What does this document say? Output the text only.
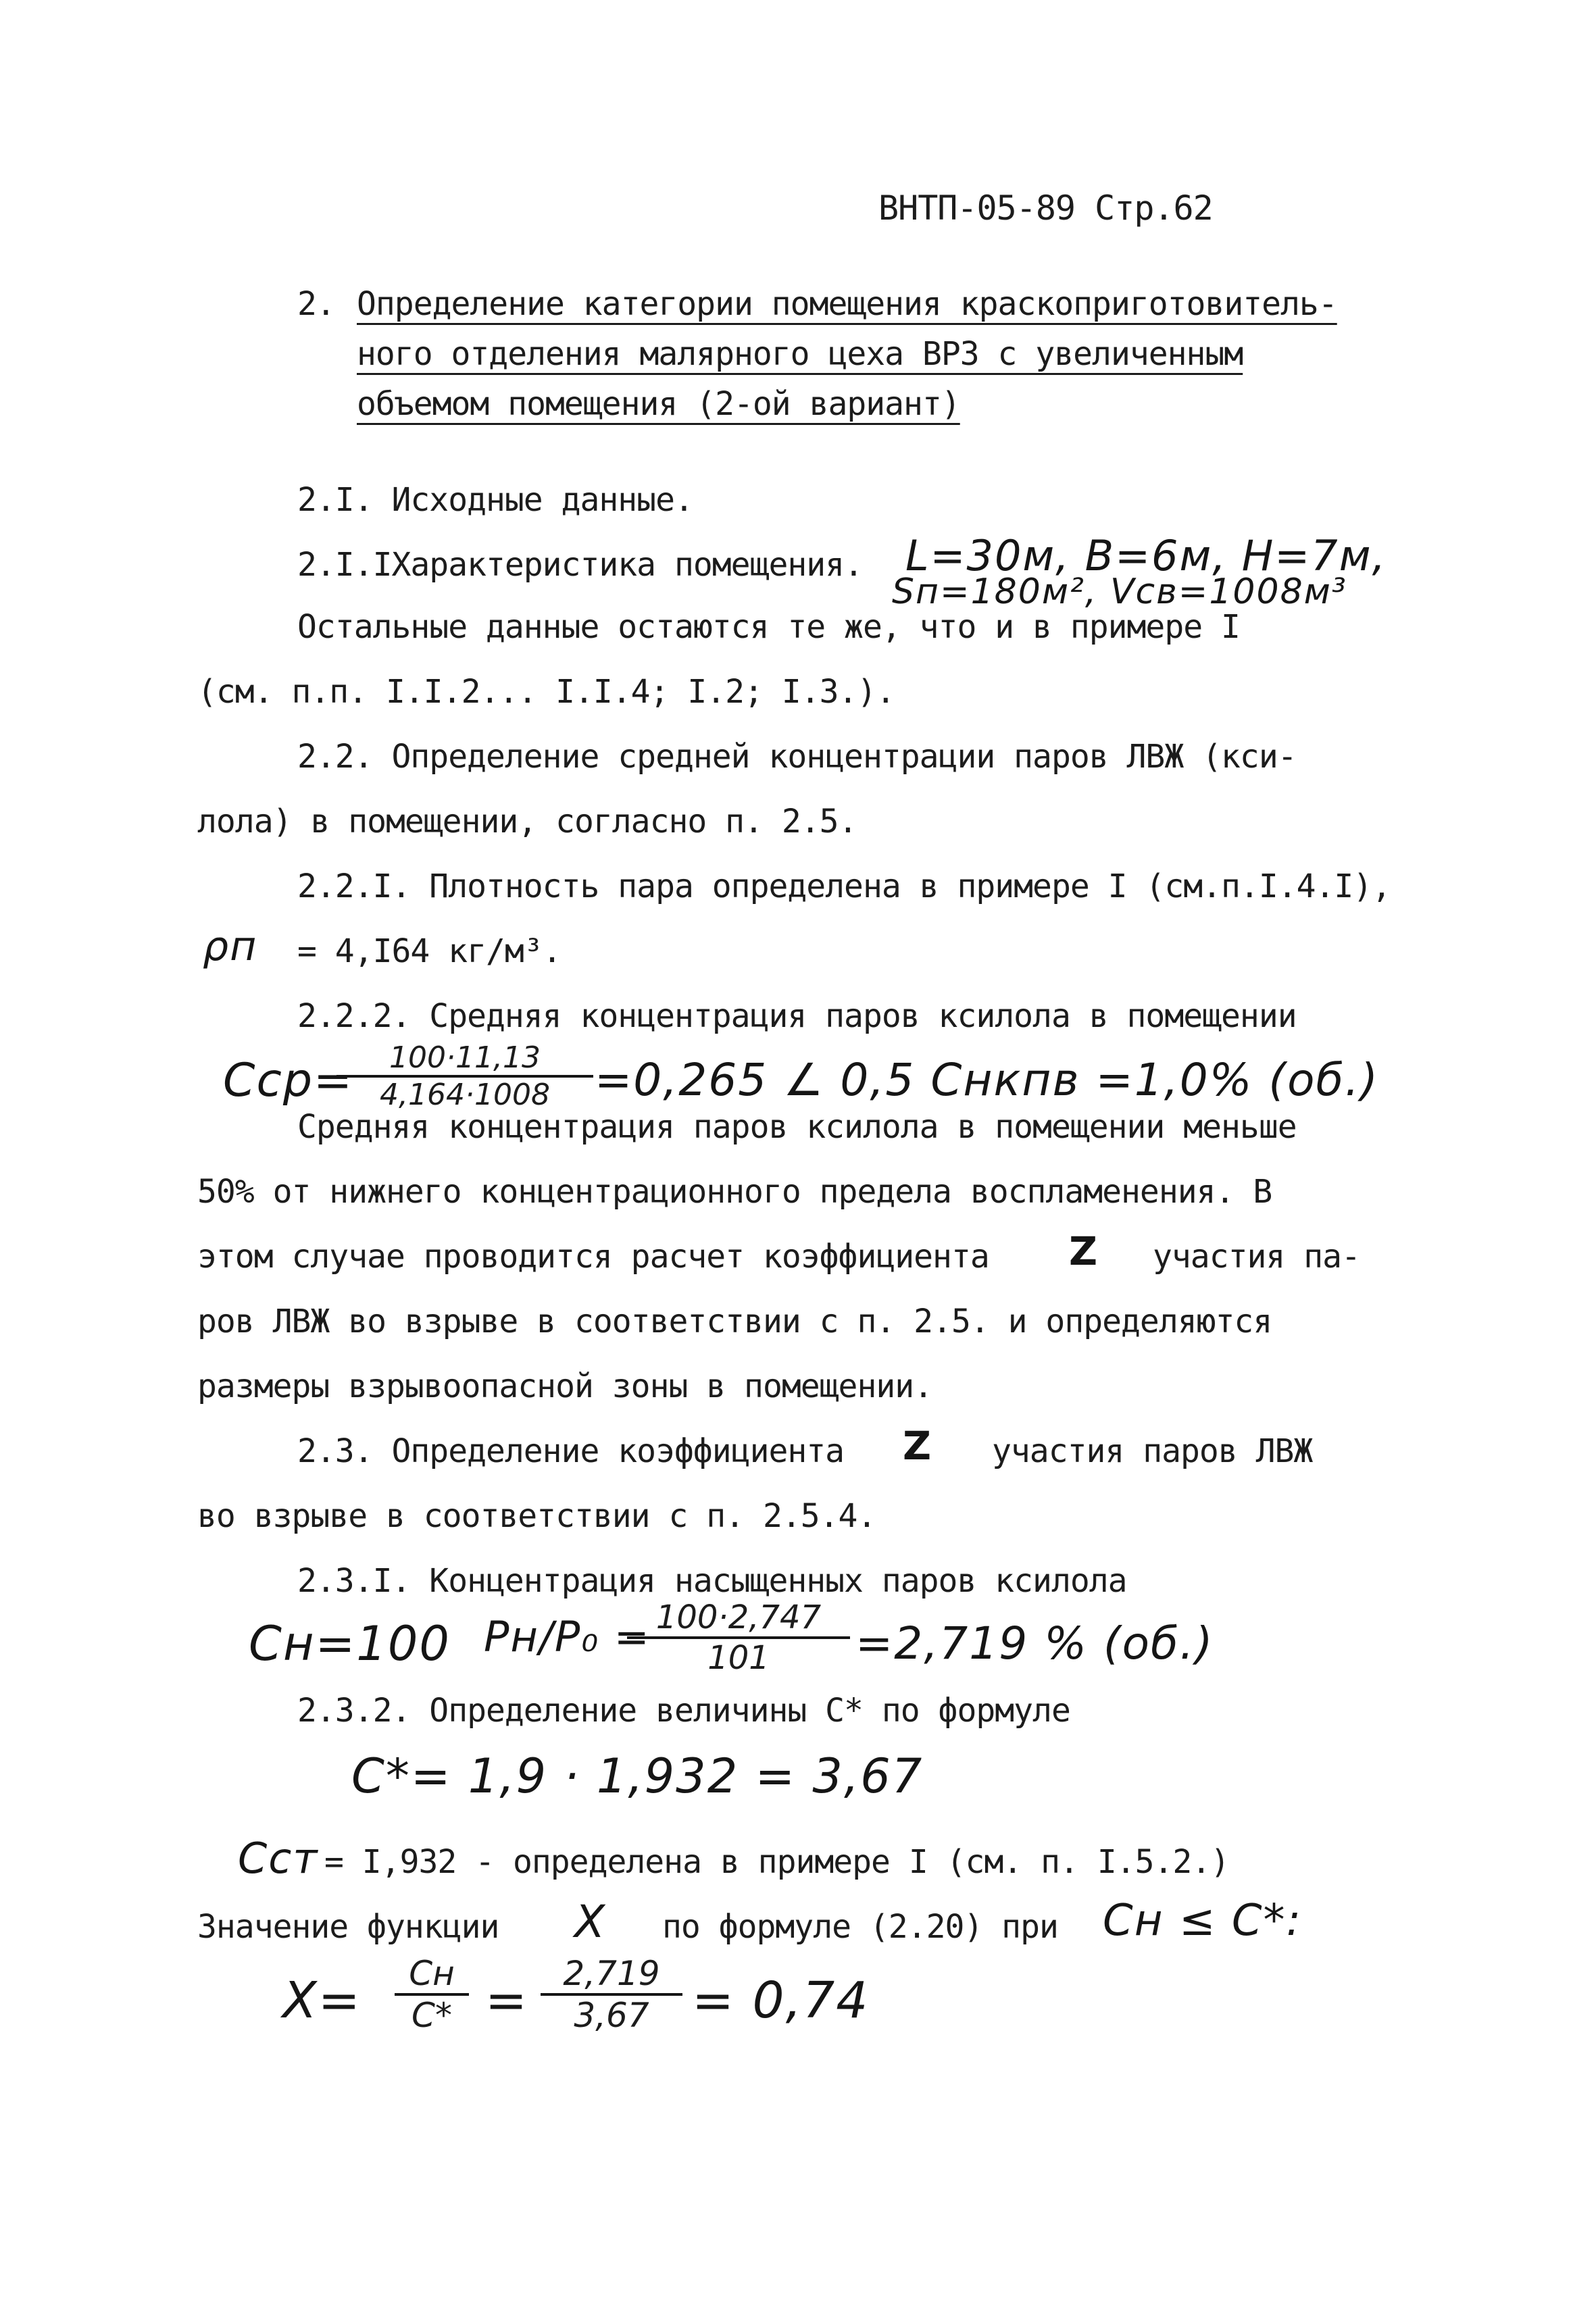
ВНТП-05-89 Стр.62
2. Определение категории помещения краскоприготовитель-
ного отделения малярного цеха ВРЗ с увеличенным
объемом помещения (2-ой вариант)
2.I. Исходные данные.
2.I.IХарактеристика помещения. L=30м, B=6м, H=7м,
Sп=180м², Vсв=1008м³
Остальные данные остаются те же, что и в примере I
(см. п.п. I.I.2... I.I.4; I.2; I.3.).
2.2. Определение средней концентрации паров ЛВЖ (кси-
лола) в помещении, согласно п. 2.5.
2.2.I. Плотность пара определена в примере I (см.п.I.4.I),
ρп = 4,I64 кг/м³.
2.2.2. Средняя концентрация паров ксилола в помещении
Cср=	100·11,13
4,164·1008	=0,265 ∠ 0,5 Cнкпв =1,0% (об.)
Средняя концентрация паров ксилола в помещении меньше
50% от нижнего концентрационного предела воспламенения. В
этом случае проводится расчет коэффициента Z участия па-
ров ЛВЖ во взрыве в соответствии с п. 2.5. и определяются
размеры взрывоопасной зоны в помещении.
2.3. Определение коэффициента Z участия паров ЛВЖ
во взрыве в соответствии с п. 2.5.4.
2.3.I. Концентрация насыщенных паров ксилола
Cн=100 Pн/P₀ = 100·2,747
101	=2,719 % (об.)
2.3.2. Определение величины C* по формуле
C*= 1,9 · 1,932 = 3,67
Cст = I,932 - определена в примере I (см. п. I.5.2.)
Значение функции X по формуле (2.20) при Cн ≤ C*:
X=	Cн
C* =	2,719
3,67 = 0,74
